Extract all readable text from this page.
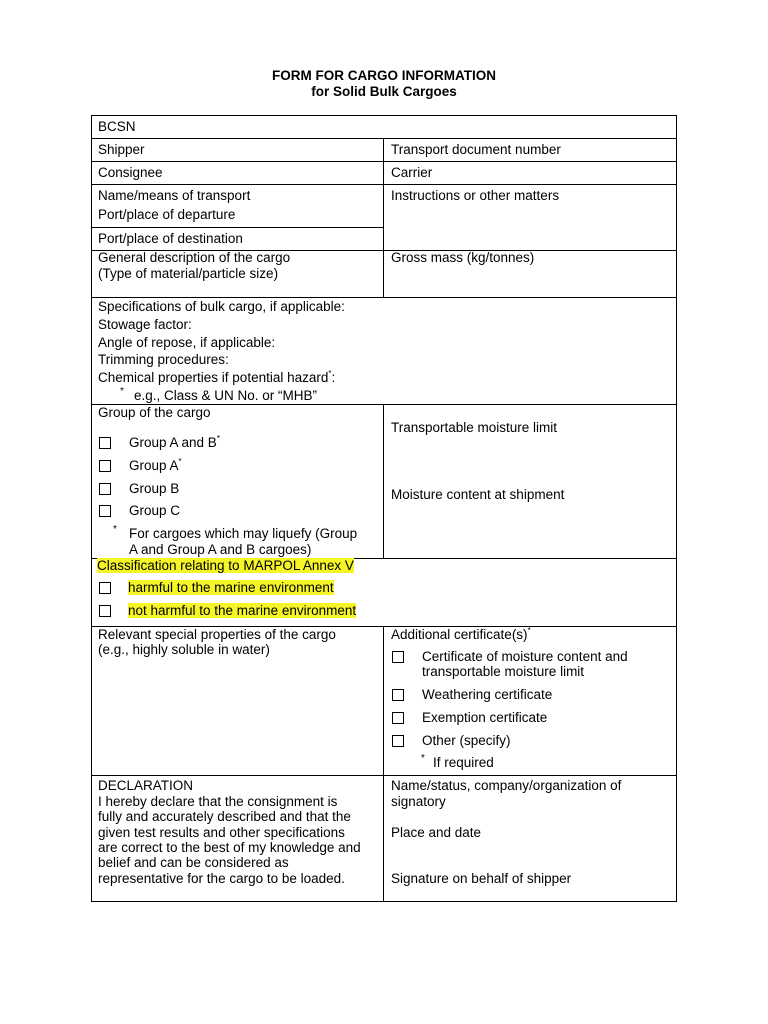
FORM FOR CARGO INFORMATION
for Solid Bulk Cargoes
BCSN
Shipper	Transport document number
Consignee	Carrier
Name/means of transport
Port/place of departure
Instructions or other matters
Port/place of destination
General description of the cargo
(Type of material/particle size)
Gross mass (kg/tonnes)
Specifications of bulk cargo, if applicable:
Stowage factor:
Angle of repose, if applicable:
Trimming procedures:
Chemical properties if potential hazard*:
* e.g., Class & UN No. or “MHB”
Group of the cargo
Group A and B*
Group A*
Group B
Group C
* For cargoes which may liquefy (Group
A and Group A and B cargoes)
Transportable moisture limit
Moisture content at shipment
Classification relating to MARPOL Annex V
harmful to the marine environment
not harmful to the marine environment
Relevant special properties of the cargo
(e.g., highly soluble in water)
Additional certificate(s)*
Certificate of moisture content and
transportable moisture limit
Weathering certificate
Exemption certificate
Other (specify)
* If required
DECLARATION
I hereby declare that the consignment is
fully and accurately described and that the
given test results and other specifications
are correct to the best of my knowledge and
belief and can be considered as
representative for the cargo to be loaded.
Name/status, company/organization of
signatory
Place and date
Signature on behalf of shipper
